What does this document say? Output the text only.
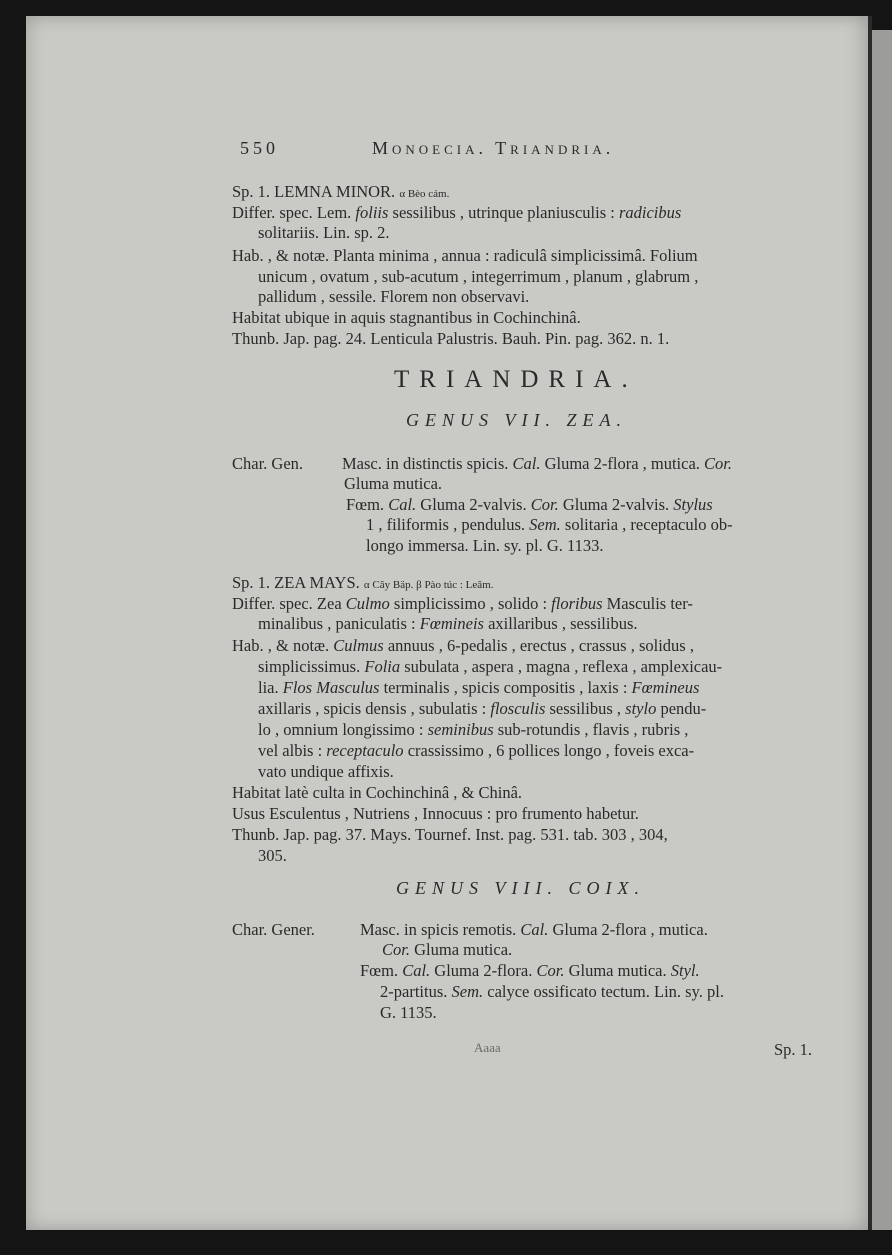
550	Monoecia. Triandria.
Sp. 1. LEMNA MINOR. α Bèo cám.
Differ. spec. Lem. foliis sessilibus , utrinque planiusculis : radicibus
solitariis. Lin. sp. 2.
Hab. , & notæ. Planta minima , annua : radiculâ simplicissimâ. Folium
unicum , ovatum , sub-acutum , integerrimum , planum , glabrum ,
pallidum , sessile. Florem non observavi.
Habitat ubique in aquis stagnantibus in Cochinchinâ.
Thunb. Jap. pag. 24. Lenticula Palustris. Bauh. Pin. pag. 362. n. 1.
TRIANDRIA.
GENUS VII. ZEA.
Char. Gen. Masc. in distinctis spicis. Cal. Gluma 2-flora , mutica. Cor.
Gluma mutica.
Fœm. Cal. Gluma 2-valvis. Cor. Gluma 2-valvis. Stylus
1 , filiformis , pendulus. Sem. solitaria , receptaculo ob-
longo immersa. Lin. sy. pl. G. 1133.
Sp. 1. ZEA MAYS. α Cây Bäp. β Pào túc : Leâm.
Differ. spec. Zea Culmo simplicissimo , solido : floribus Masculis ter-
minalibus , paniculatis : Fœmineis axillaribus , sessilibus.
Hab. , & notæ. Culmus annuus , 6-pedalis , erectus , crassus , solidus ,
simplicissimus. Folia subulata , aspera , magna , reflexa , amplexicau-
lia. Flos Masculus terminalis , spicis compositis , laxis : Fœmineus
axillaris , spicis densis , subulatis : flosculis sessilibus , stylo pendu-
lo , omnium longissimo : seminibus sub-rotundis , flavis , rubris ,
vel albis : receptaculo crassissimo , 6 pollices longo , foveis exca-
vato undique affixis.
Habitat latè culta in Cochinchinâ , & Chinâ.
Usus Esculentus , Nutriens , Innocuus : pro frumento habetur.
Thunb. Jap. pag. 37. Mays. Tournef. Inst. pag. 531. tab. 303 , 304,
305.
GENUS VIII. COIX.
Char. Gener.	Masc. in spicis remotis. Cal. Gluma 2-flora , mutica.
Cor. Gluma mutica.
Fœm. Cal. Gluma 2-flora. Cor. Gluma mutica. Styl.
2-partitus. Sem. calyce ossificato tectum. Lin. sy. pl.
G. 1135.
Aaaa	Sp. 1.
